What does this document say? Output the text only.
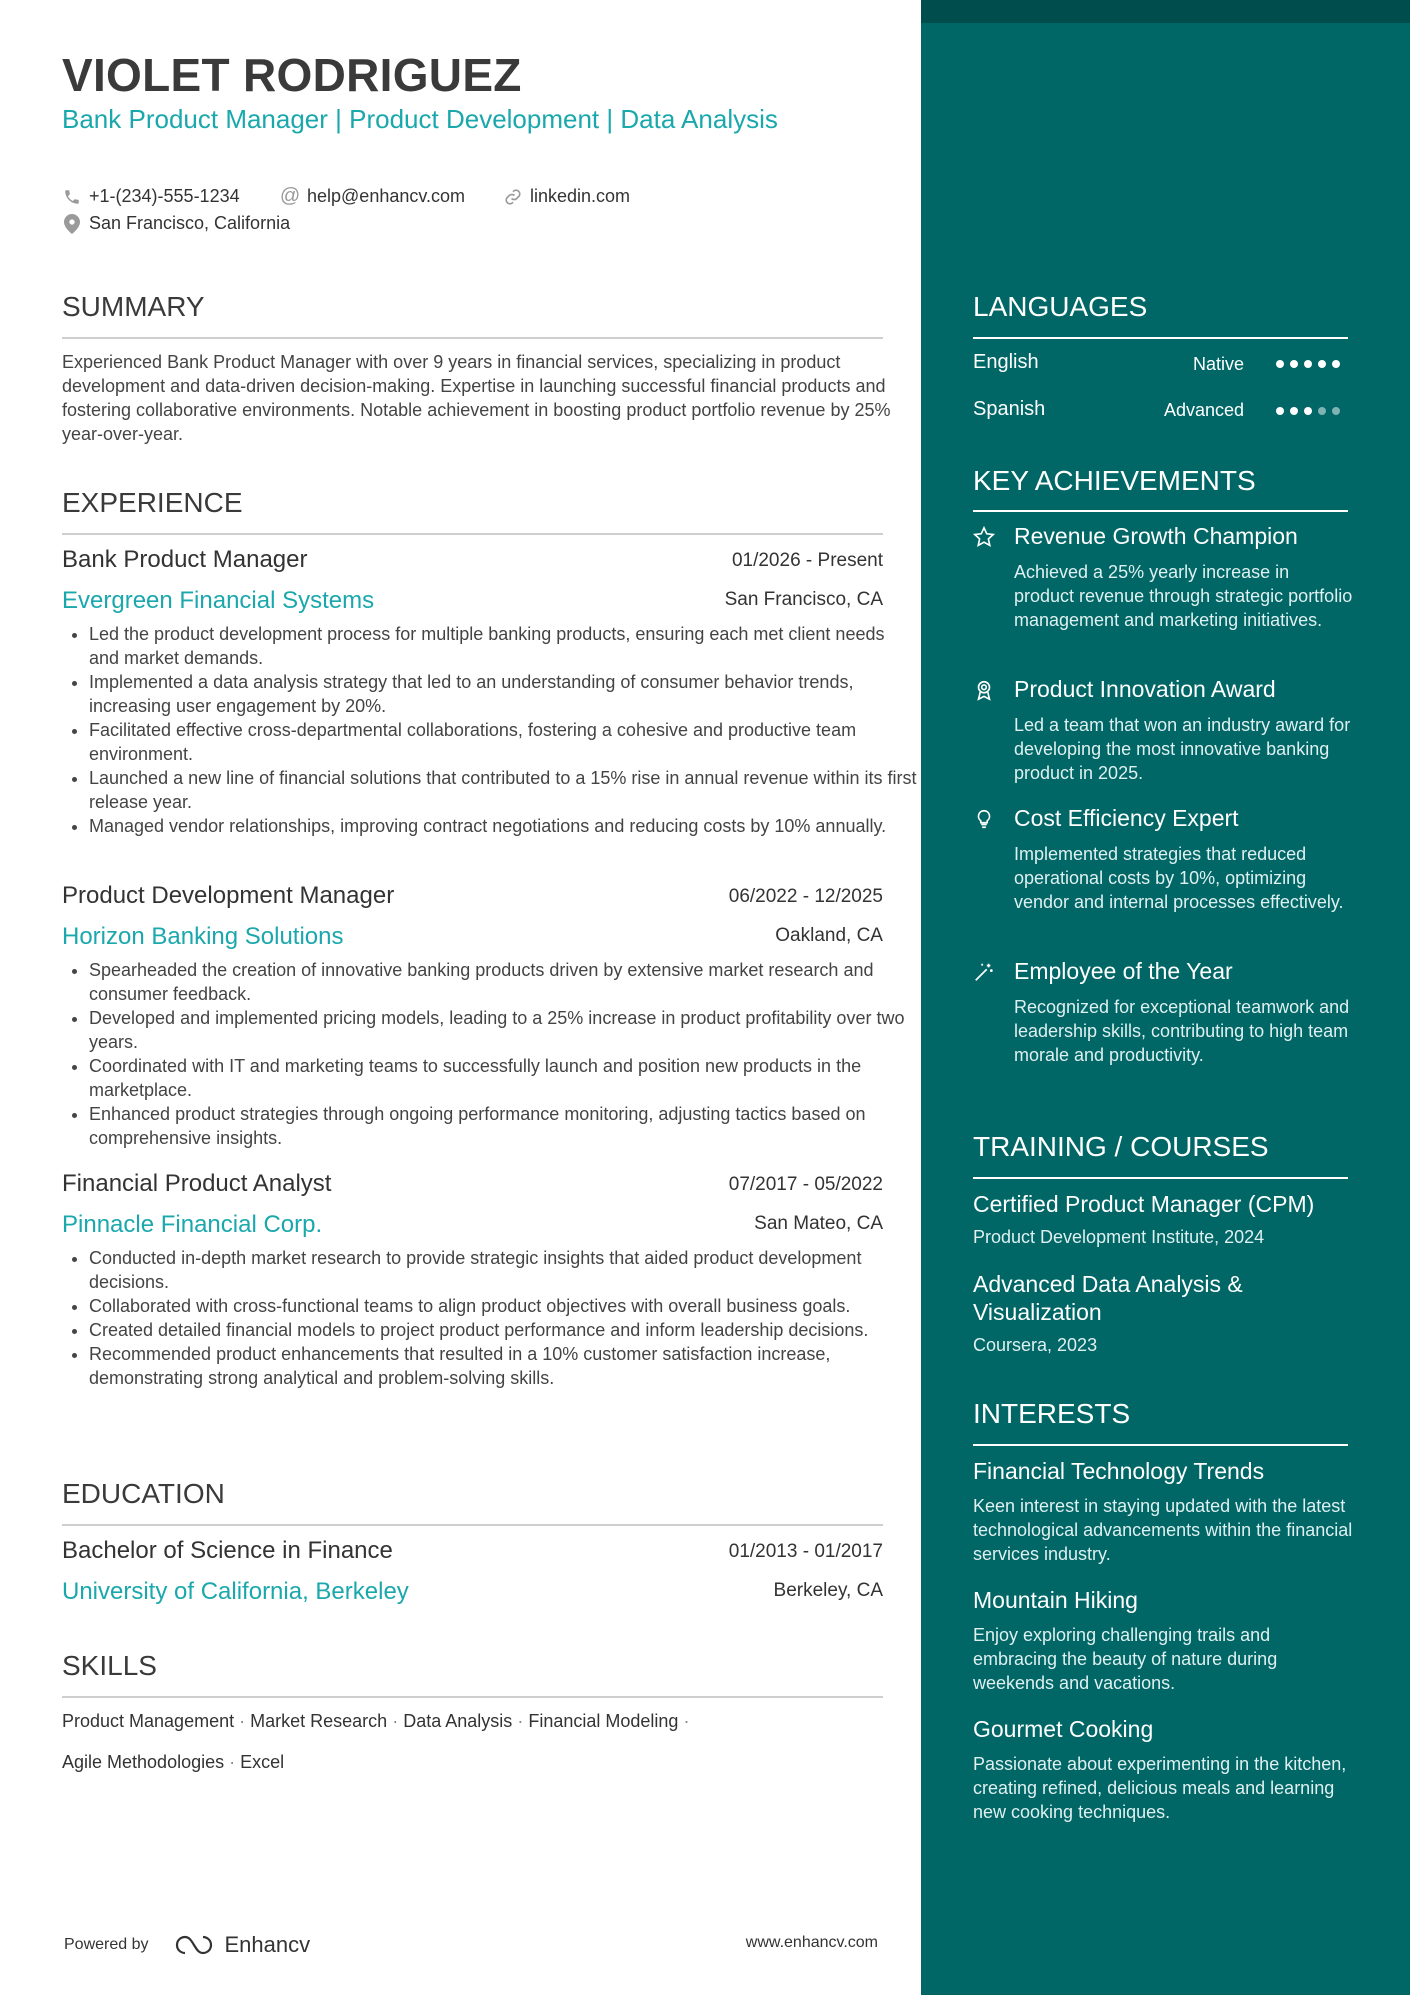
VIOLET RODRIGUEZ
Bank Product Manager | Product Development | Data Analysis
+1-(234)-555-1234 @ help@enhancv.com	linkedin.com
San Francisco, California
SUMMARY
Experienced Bank Product Manager with over 9 years in financial services, specializing in product development and data-driven decision-making. Expertise in launching successful financial products and fostering collaborative environments. Notable achievement in boosting product portfolio revenue by 25% year-over-year.
EXPERIENCE
Bank Product Manager	01/2026 - Present
Evergreen Financial Systems	San Francisco, CA
• Led the product development process for multiple banking products, ensuring each met client needs and market demands.
• Implemented a data analysis strategy that led to an understanding of consumer behavior trends, increasing user engagement by 20%.
• Facilitated effective cross-departmental collaborations, fostering a cohesive and productive team environment.
• Launched a new line of financial solutions that contributed to a 15% rise in annual revenue within its first release year.
• Managed vendor relationships, improving contract negotiations and reducing costs by 10% annually.
Product Development Manager	06/2022 - 12/2025
Horizon Banking Solutions	Oakland, CA
• Spearheaded the creation of innovative banking products driven by extensive market research and consumer feedback.
• Developed and implemented pricing models, leading to a 25% increase in product profitability over two years.
• Coordinated with IT and marketing teams to successfully launch and position new products in the marketplace.
• Enhanced product strategies through ongoing performance monitoring, adjusting tactics based on comprehensive insights.
Financial Product Analyst	07/2017 - 05/2022
Pinnacle Financial Corp.	San Mateo, CA
• Conducted in-depth market research to provide strategic insights that aided product development decisions.
• Collaborated with cross-functional teams to align product objectives with overall business goals.
• Created detailed financial models to project product performance and inform leadership decisions.
• Recommended product enhancements that resulted in a 10% customer satisfaction increase, demonstrating strong analytical and problem-solving skills.
EDUCATION
Bachelor of Science in Finance	01/2013 - 01/2017
University of California, Berkeley	Berkeley, CA
SKILLS
Product Management · Market Research · Data Analysis · Financial Modeling ·
Agile Methodologies · Excel
Powered by	Enhancv	www.enhancv.com
LANGUAGES
English	Native
Spanish	Advanced
KEY ACHIEVEMENTS
Revenue Growth Champion
Achieved a 25% yearly increase in product revenue through strategic portfolio management and marketing initiatives.
Product Innovation Award
Led a team that won an industry award for developing the most innovative banking product in 2025.
Cost Efficiency Expert
Implemented strategies that reduced operational costs by 10%, optimizing vendor and internal processes effectively.
Employee of the Year
Recognized for exceptional teamwork and leadership skills, contributing to high team morale and productivity.
TRAINING / COURSES
Certified Product Manager (CPM)
Product Development Institute, 2024
Advanced Data Analysis & Visualization
Coursera, 2023
INTERESTS
Financial Technology Trends
Keen interest in staying updated with the latest technological advancements within the financial services industry.
Mountain Hiking
Enjoy exploring challenging trails and embracing the beauty of nature during weekends and vacations.
Gourmet Cooking
Passionate about experimenting in the kitchen, creating refined, delicious meals and learning new cooking techniques.
